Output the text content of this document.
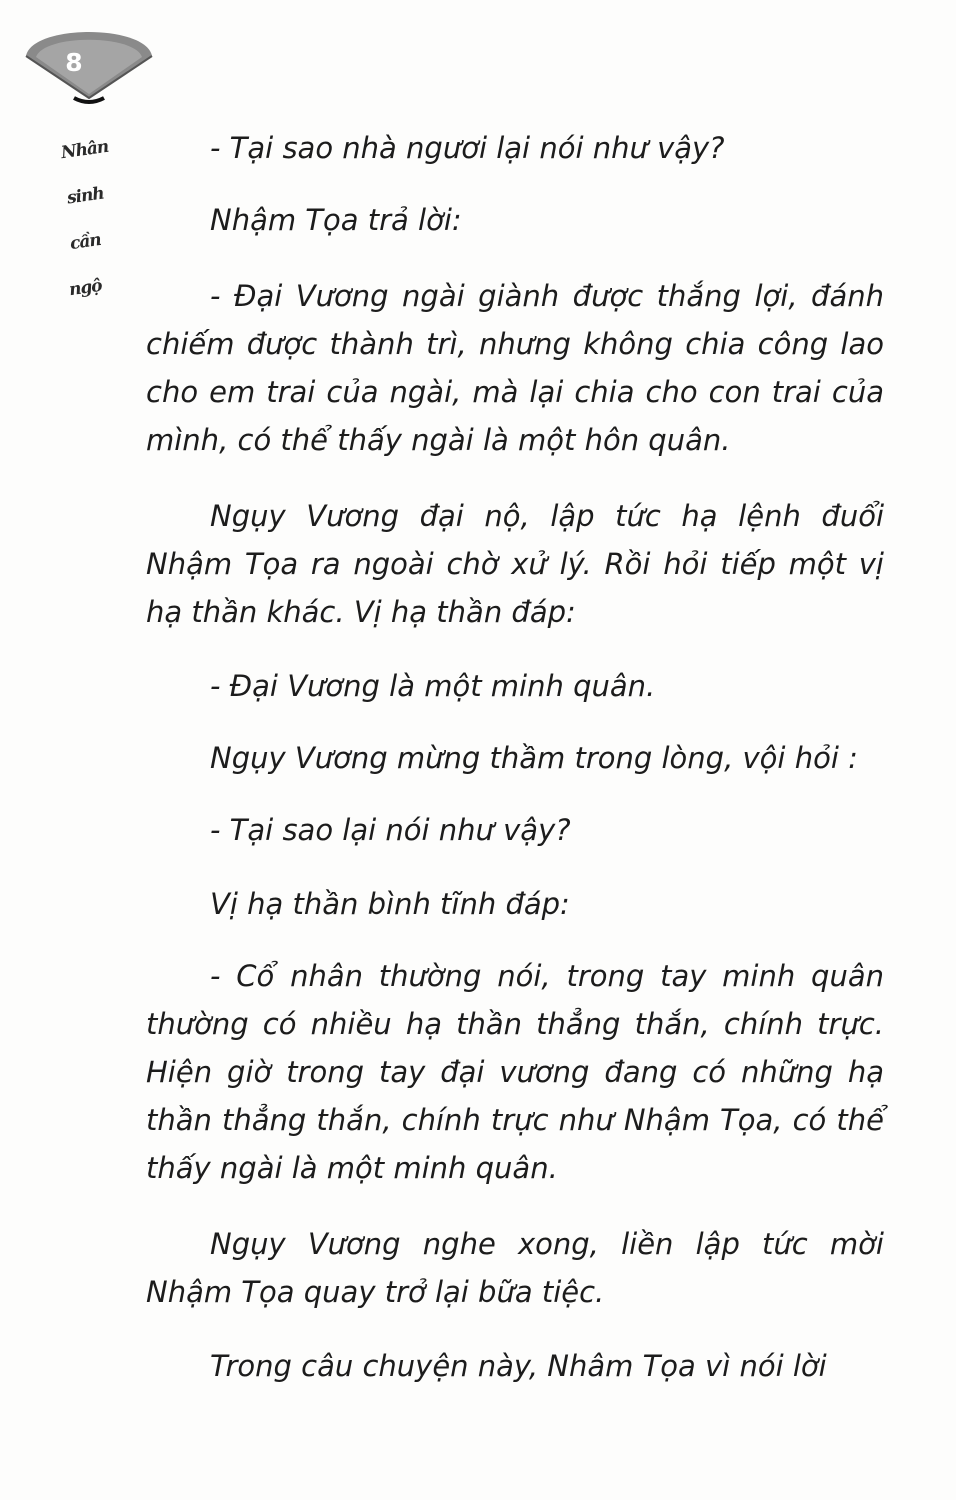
8
Nhân
sinh
cần
ngộ

- Tại sao nhà ngươi lại nói như vậy?

Nhậm Tọa trả lời:

- Đại Vương ngài giành được thắng lợi, đánh chiếm được thành trì, nhưng không chia công lao cho em trai của ngài, mà lại chia cho con trai của mình, có thể thấy ngài là một hôn quân.

Ngụy Vương đại nộ, lập tức hạ lệnh đuổi Nhậm Tọa ra ngoài chờ xử lý. Rồi hỏi tiếp một vị hạ thần khác. Vị hạ thần đáp:

- Đại Vương là một minh quân.

Ngụy Vương mừng thầm trong lòng, vội hỏi :

- Tại sao lại nói như vậy?

Vị hạ thần bình tĩnh đáp:

- Cổ nhân thường nói, trong tay minh quân thường có nhiều hạ thần thẳng thắn, chính trực. Hiện giờ trong tay đại vương đang có những hạ thần thẳng thắn, chính trực như Nhậm Tọa, có thể thấy ngài là một minh quân.

Ngụy Vương nghe xong, liền lập tức mời Nhậm Tọa quay trở lại bữa tiệc.

Trong câu chuyện này, Nhâm Tọa vì nói lời
